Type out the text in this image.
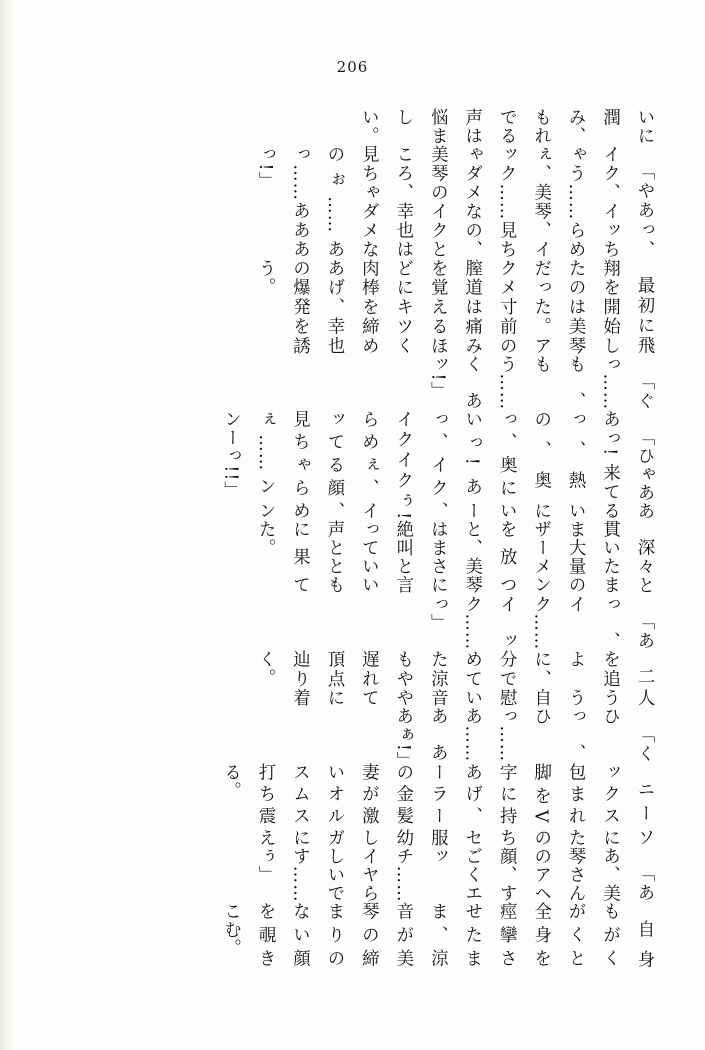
206

いに潤み、もれでる声は悩ましい。

「やあっ、イク、イッちゃう……らめぇ、美琴、イック……見ちゃダメなの、美琴のイクところ、幸也は見ちゃダメなのぉ……あっ……あああっ!」

最初に飛翔を開始したのは美琴だった。アクメ寸前の膣道は痛みを覚えるほどにキツく肉棒を締めあげ、幸也の爆発を誘う。

「ぐっ……も、もう……くあッ!」

「ひゃあああっ! 来てるっ、熱いの、奥にっ、奥にいいっ! あーっ、イク、イクイクぅ! らめぇ、イッてる顔、見ちゃらめぇ……ンンンーっ!!」

深々と貫いたまま大量のザーメンを放つと、美琴はまさに絶叫と言っていい声とともに果てた。

「あっ、イク……イック……っ」

二人を追うように、自分で慰めていた涼音もやや遅れて頂点に辿り着く。

「くひっ、ひっ……あ……あああぁ!」

ニーソックスに包まれた脚をVの字に持ちあげ、セーラー服の金髪幼妻が激しいオルガスムスに打ち震える。

「ああ、美琴さんのアヘ顔、すごくエッチ……イヤらしいです……ぅ」

自身もがくがくと全身を痙攣させたまま、涼音が美琴の締まりのない顔を覗きこむ。
